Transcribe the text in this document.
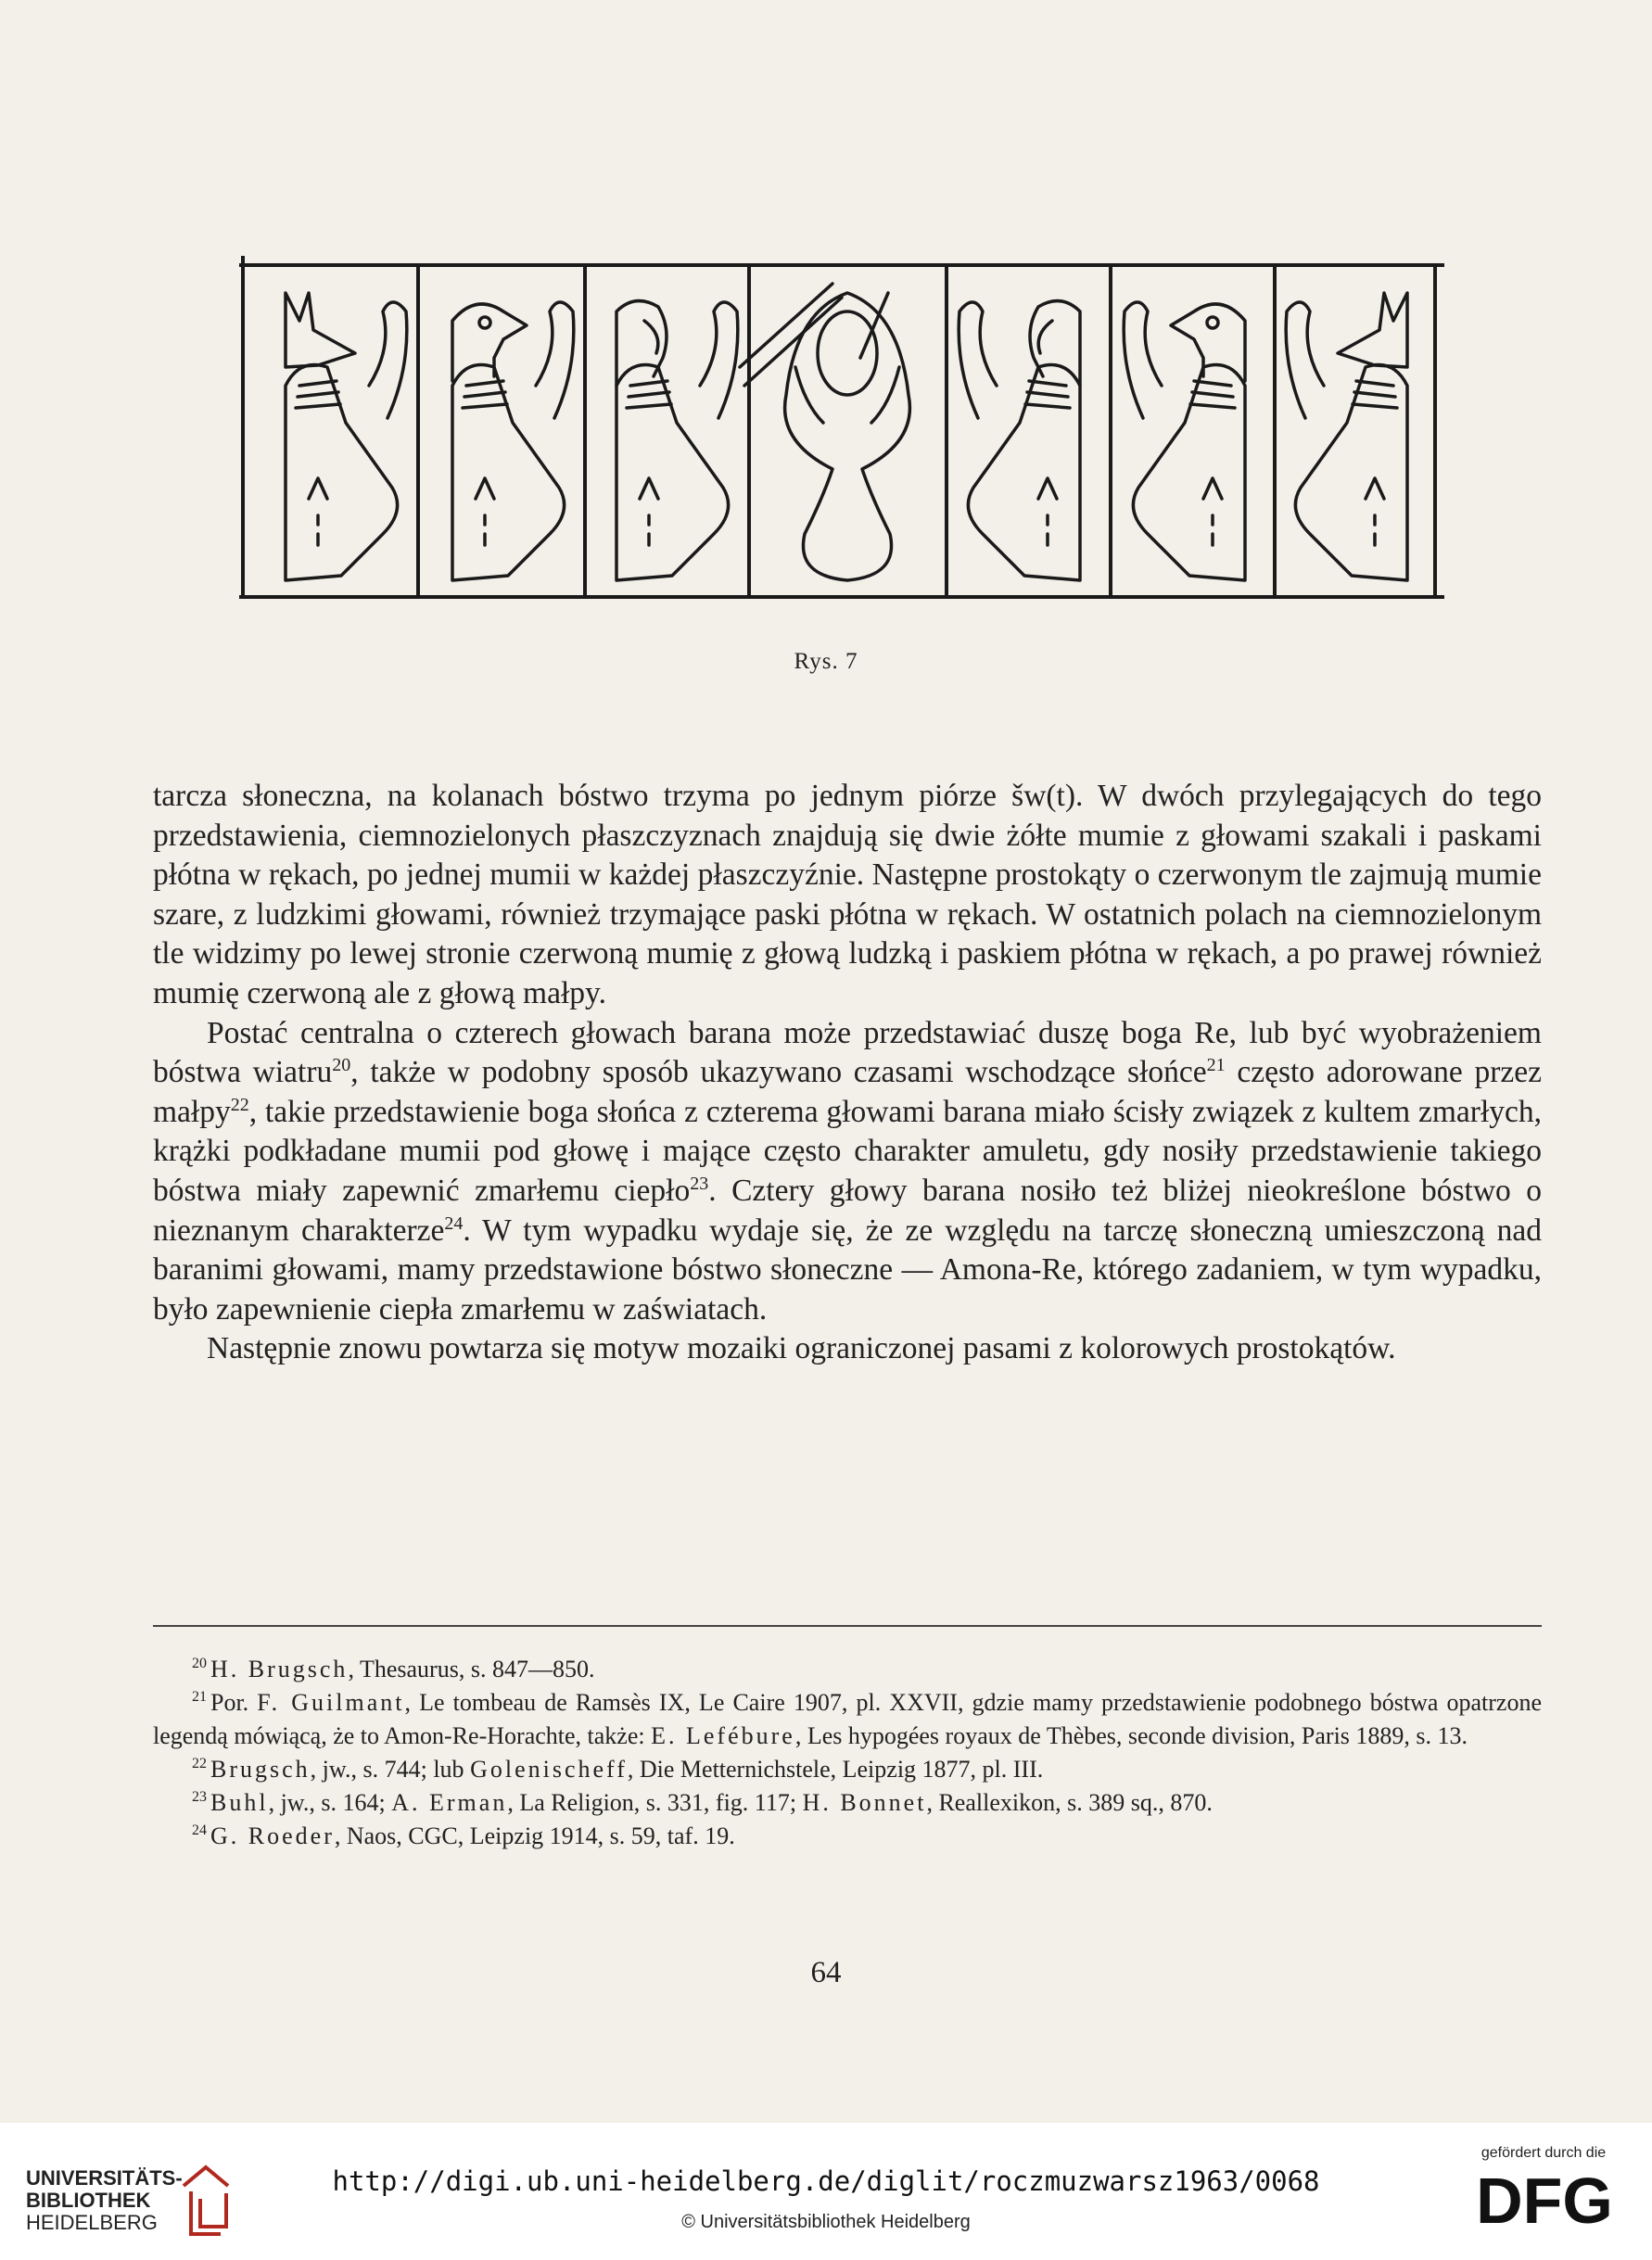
Rys. 7

tarcza słoneczna, na kolanach bóstwo trzyma po jednym piórze šw(t). W dwóch przylegających do tego przedstawienia, ciemnozielonych płaszczyznach znajdują się dwie żółte mumie z głowami szakali i paskami płótna w rękach, po jednej mumii w każdej płaszczyźnie. Następne prostokąty o czerwonym tle zajmują mumie szare, z ludzkimi głowami, również trzymające paski płótna w rękach. W ostatnich polach na ciemnozielonym tle widzimy po lewej stronie czerwoną mumię z głową ludzką i paskiem płótna w rękach, a po prawej również mumię czerwoną ale z głową małpy.

Postać centralna o czterech głowach barana może przedstawiać duszę boga Re, lub być wyobrażeniem bóstwa wiatru$^{20}$, także w podobny sposób ukazywano czasami wschodzące słońce$^{21}$ często adorowane przez małpy$^{22}$, takie przedstawienie boga słońca z czterema głowami barana miało ścisły związek z kultem zmarłych, krążki podkładane mumii pod głowę i mające często charakter amuletu, gdy nosiły przedstawienie takiego bóstwa miały zapewnić zmarłemu ciepło$^{23}$. Cztery głowy barana nosiło też bliżej nieokreślone bóstwo o nieznanym charakterze$^{24}$. W tym wypadku wydaje się, że ze względu na tarczę słoneczną umieszczoną nad baranimi głowami, mamy przedstawione bóstwo słoneczne — Amona-Re, którego zadaniem, w tym wypadku, było zapewnienie ciepła zmarłemu w zaświatach.

Następnie znowu powtarza się motyw mozaiki ograniczonej pasami z kolorowych prostokątów.

$^{20}$ H. Brugsch, Thesaurus, s. 847—850.

$^{21}$ Por. F. Guilmant, Le tombeau de Ramsès IX, Le Caire 1907, pl. XXVII, gdzie mamy przedstawienie podobnego bóstwa opatrzone legendą mówiącą, że to Amon-Re-Horachte, także: E. Lefébure, Les hypogées royaux de Thèbes, seconde division, Paris 1889, s. 13.

$^{22}$ Brugsch, jw., s. 744; lub Golenischeff, Die Metternichstele, Leipzig 1877, pl. III.

$^{23}$ Buhl, jw., s. 164; A. Erman, La Religion, s. 331, fig. 117; H. Bonnet, Reallexikon, s. 389 sq., 870.

$^{24}$ G. Roeder, Naos, CGC, Leipzig 1914, s. 59, taf. 19.

64
UNIVERSITÄTS-
BIBLIOTHEK
HEIDELBERG
http://digi.ub.uni-heidelberg.de/diglit/roczmuzwarsz1963/0068
© Universitätsbibliothek Heidelberg
gefördert durch die
DFG
